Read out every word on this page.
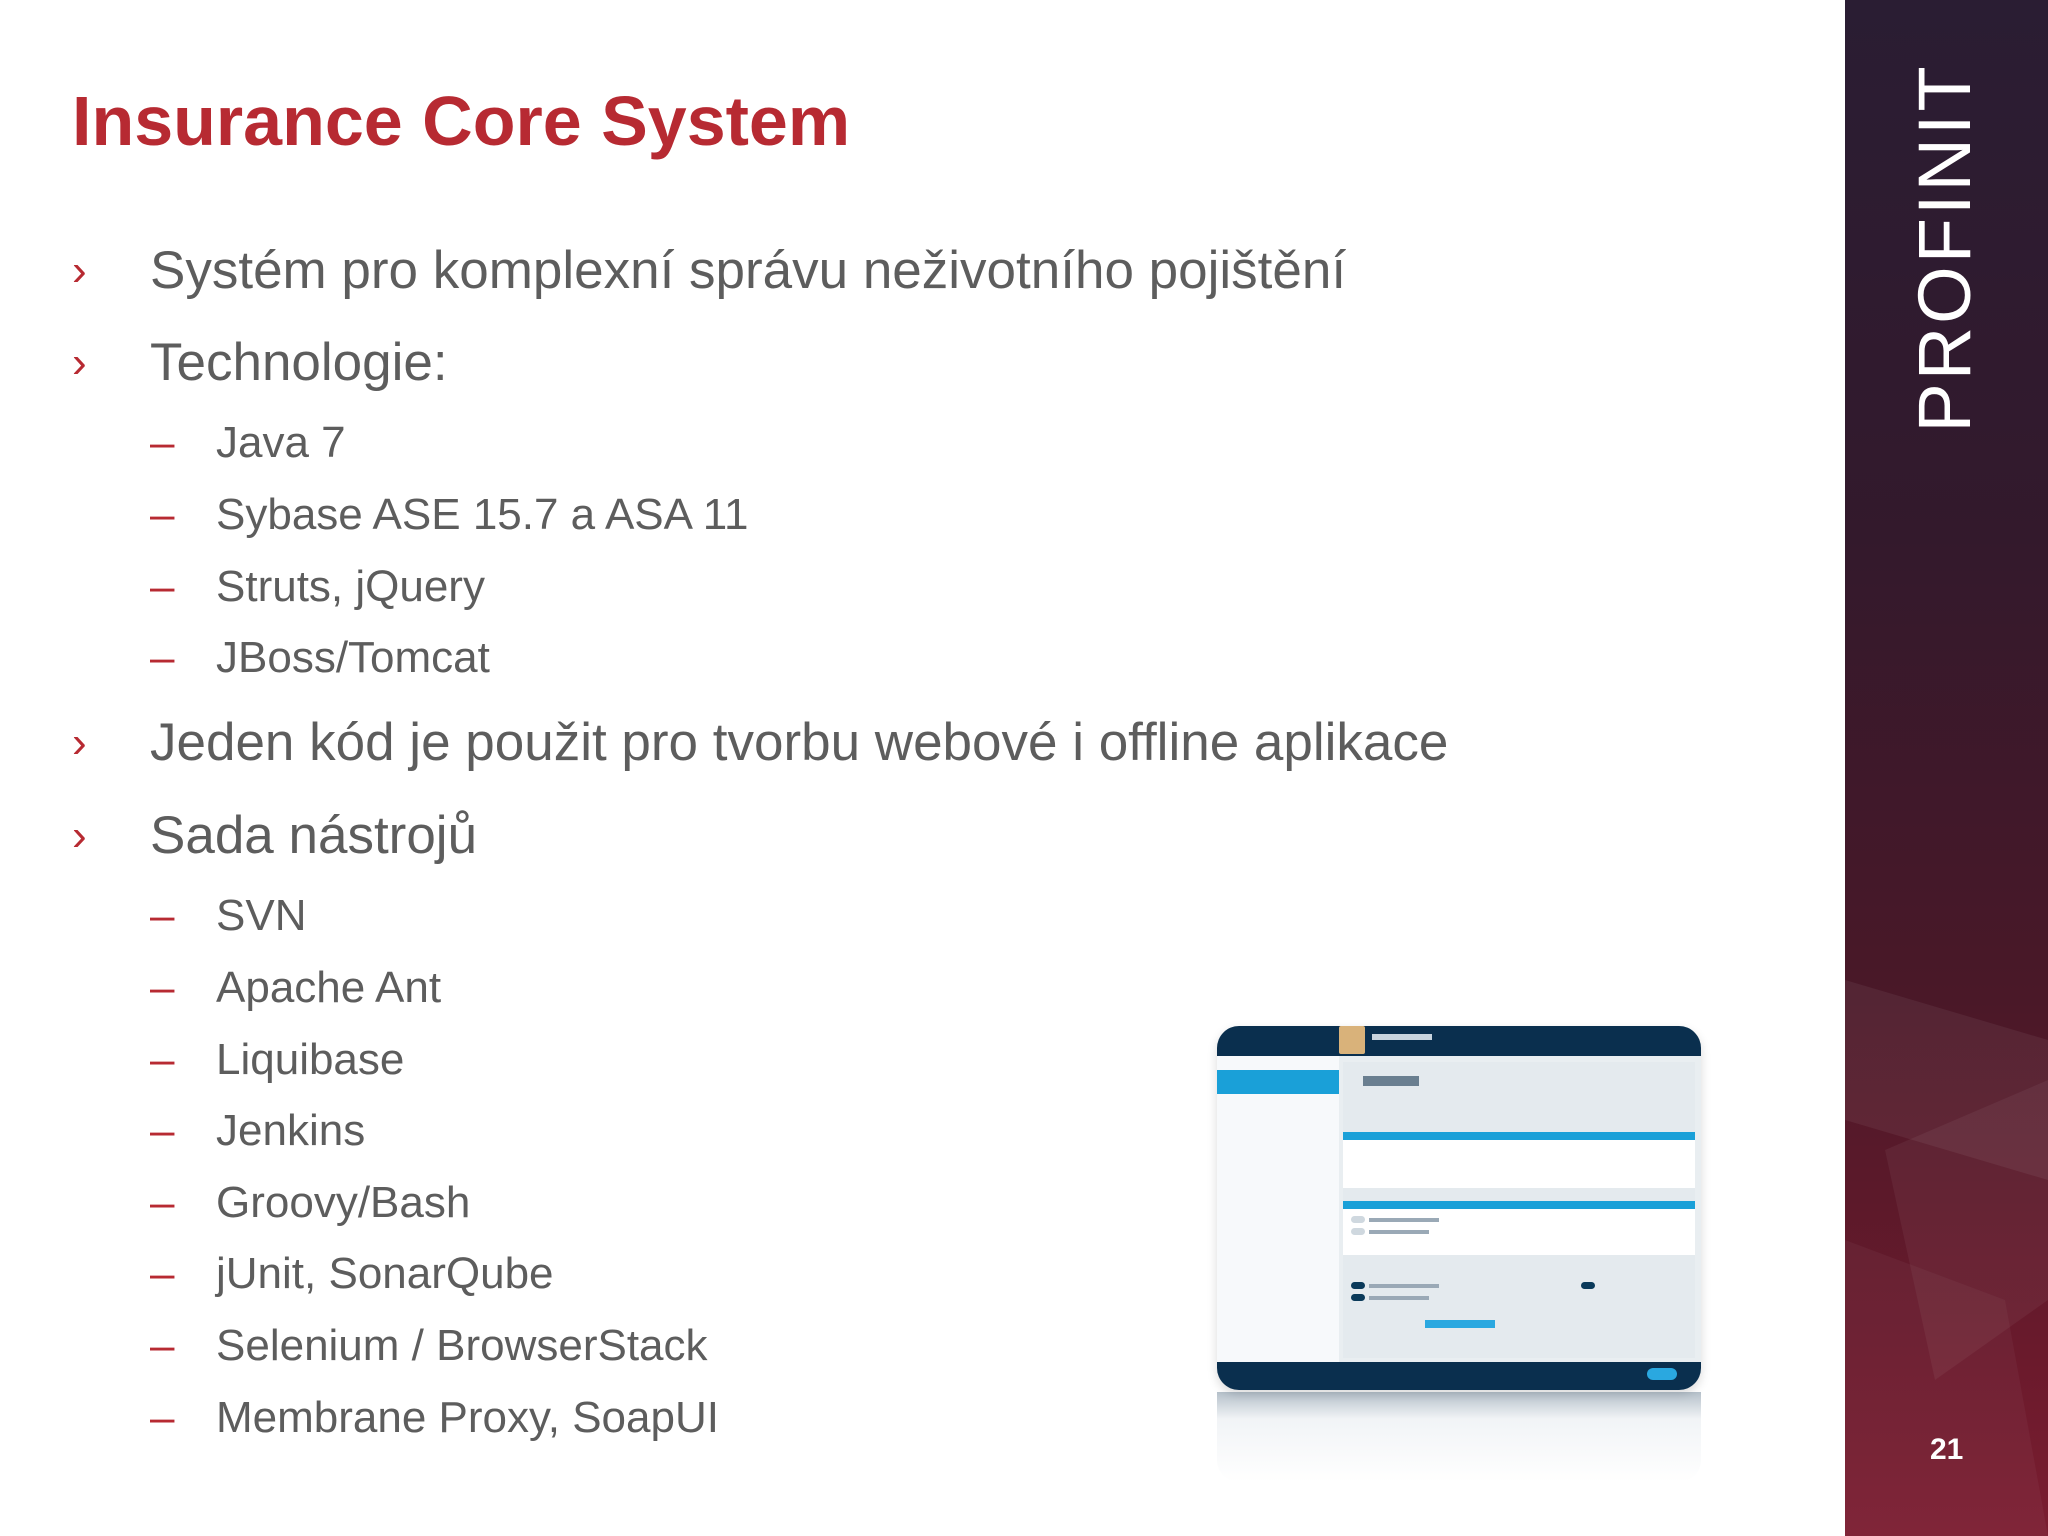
Insurance Core System
›	Systém pro komplexní správu neživotního pojištění
›	Technologie:
– Java 7
– Sybase ASE 15.7 a ASA 11
– Struts, jQuery
– JBoss/Tomcat
›	Jeden kód je použit pro tvorbu webové i offline aplikace
›	Sada nástrojů
– SVN
– Apache Ant
– Liquibase
– Jenkins
– Groovy/Bash
– jUnit, SonarQube
– Selenium / BrowserStack
– Membrane Proxy, SoapUI
PROFINIT
21
